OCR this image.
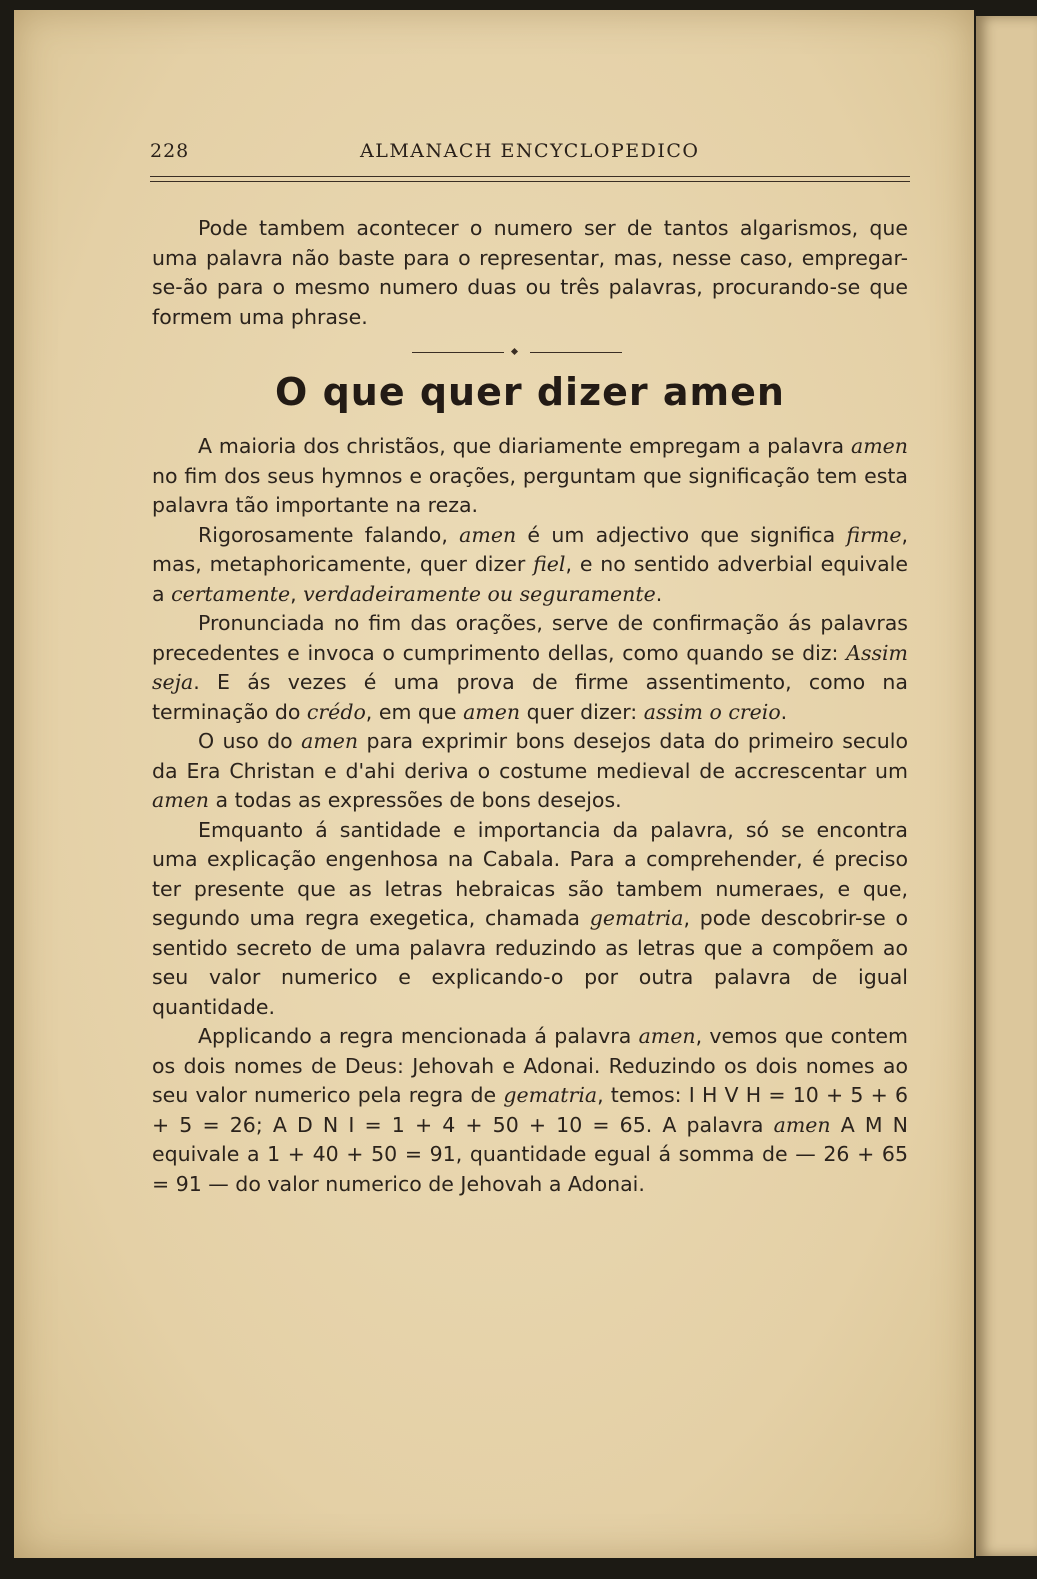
228	ALMANACH ENCYCLOPEDICO

Pode tambem acontecer o numero ser de tantos algarismos, que uma palavra não baste para o representar, mas, nesse caso, empregar-se-ão para o mesmo numero duas ou três palavras, procurando-se que formem uma phrase.

O que quer dizer amen

A maioria dos christãos, que diariamente empregam a palavra amen no fim dos seus hymnos e orações, perguntam que significação tem esta palavra tão importante na reza.

Rigorosamente falando, amen é um adjectivo que significa firme, mas, metaphoricamente, quer dizer fiel, e no sentido adverbial equivale a certamente, verdadeiramente ou seguramente.

Pronunciada no fim das orações, serve de confirmação ás palavras precedentes e invoca o cumprimento dellas, como quando se diz: Assim seja. E ás vezes é uma prova de firme assentimento, como na terminação do crédo, em que amen quer dizer: assim o creio.

O uso do amen para exprimir bons desejos data do primeiro seculo da Era Christan e d'ahi deriva o costume medieval de accrescentar um amen a todas as expressões de bons desejos.

Emquanto á santidade e importancia da palavra, só se encontra uma explicação engenhosa na Cabala. Para a comprehender, é preciso ter presente que as letras hebraicas são tambem numeraes, e que, segundo uma regra exegetica, chamada gematria, pode descobrir-se o sentido secreto de uma palavra reduzindo as letras que a compõem ao seu valor numerico e explicando-o por outra palavra de igual quantidade.

Applicando a regra mencionada á palavra amen, vemos que contem os dois nomes de Deus: Jehovah e Adonai. Reduzindo os dois nomes ao seu valor numerico pela regra de gematria, temos: I H V H = 10 + 5 + 6 + 5 = 26; A D N I = 1 + 4 + 50 + 10 = 65. A palavra amen A M N equivale a 1 + 40 + 50 = 91, quantidade egual á somma de — 26 + 65 = 91 — do valor numerico de Jehovah a Adonai.
